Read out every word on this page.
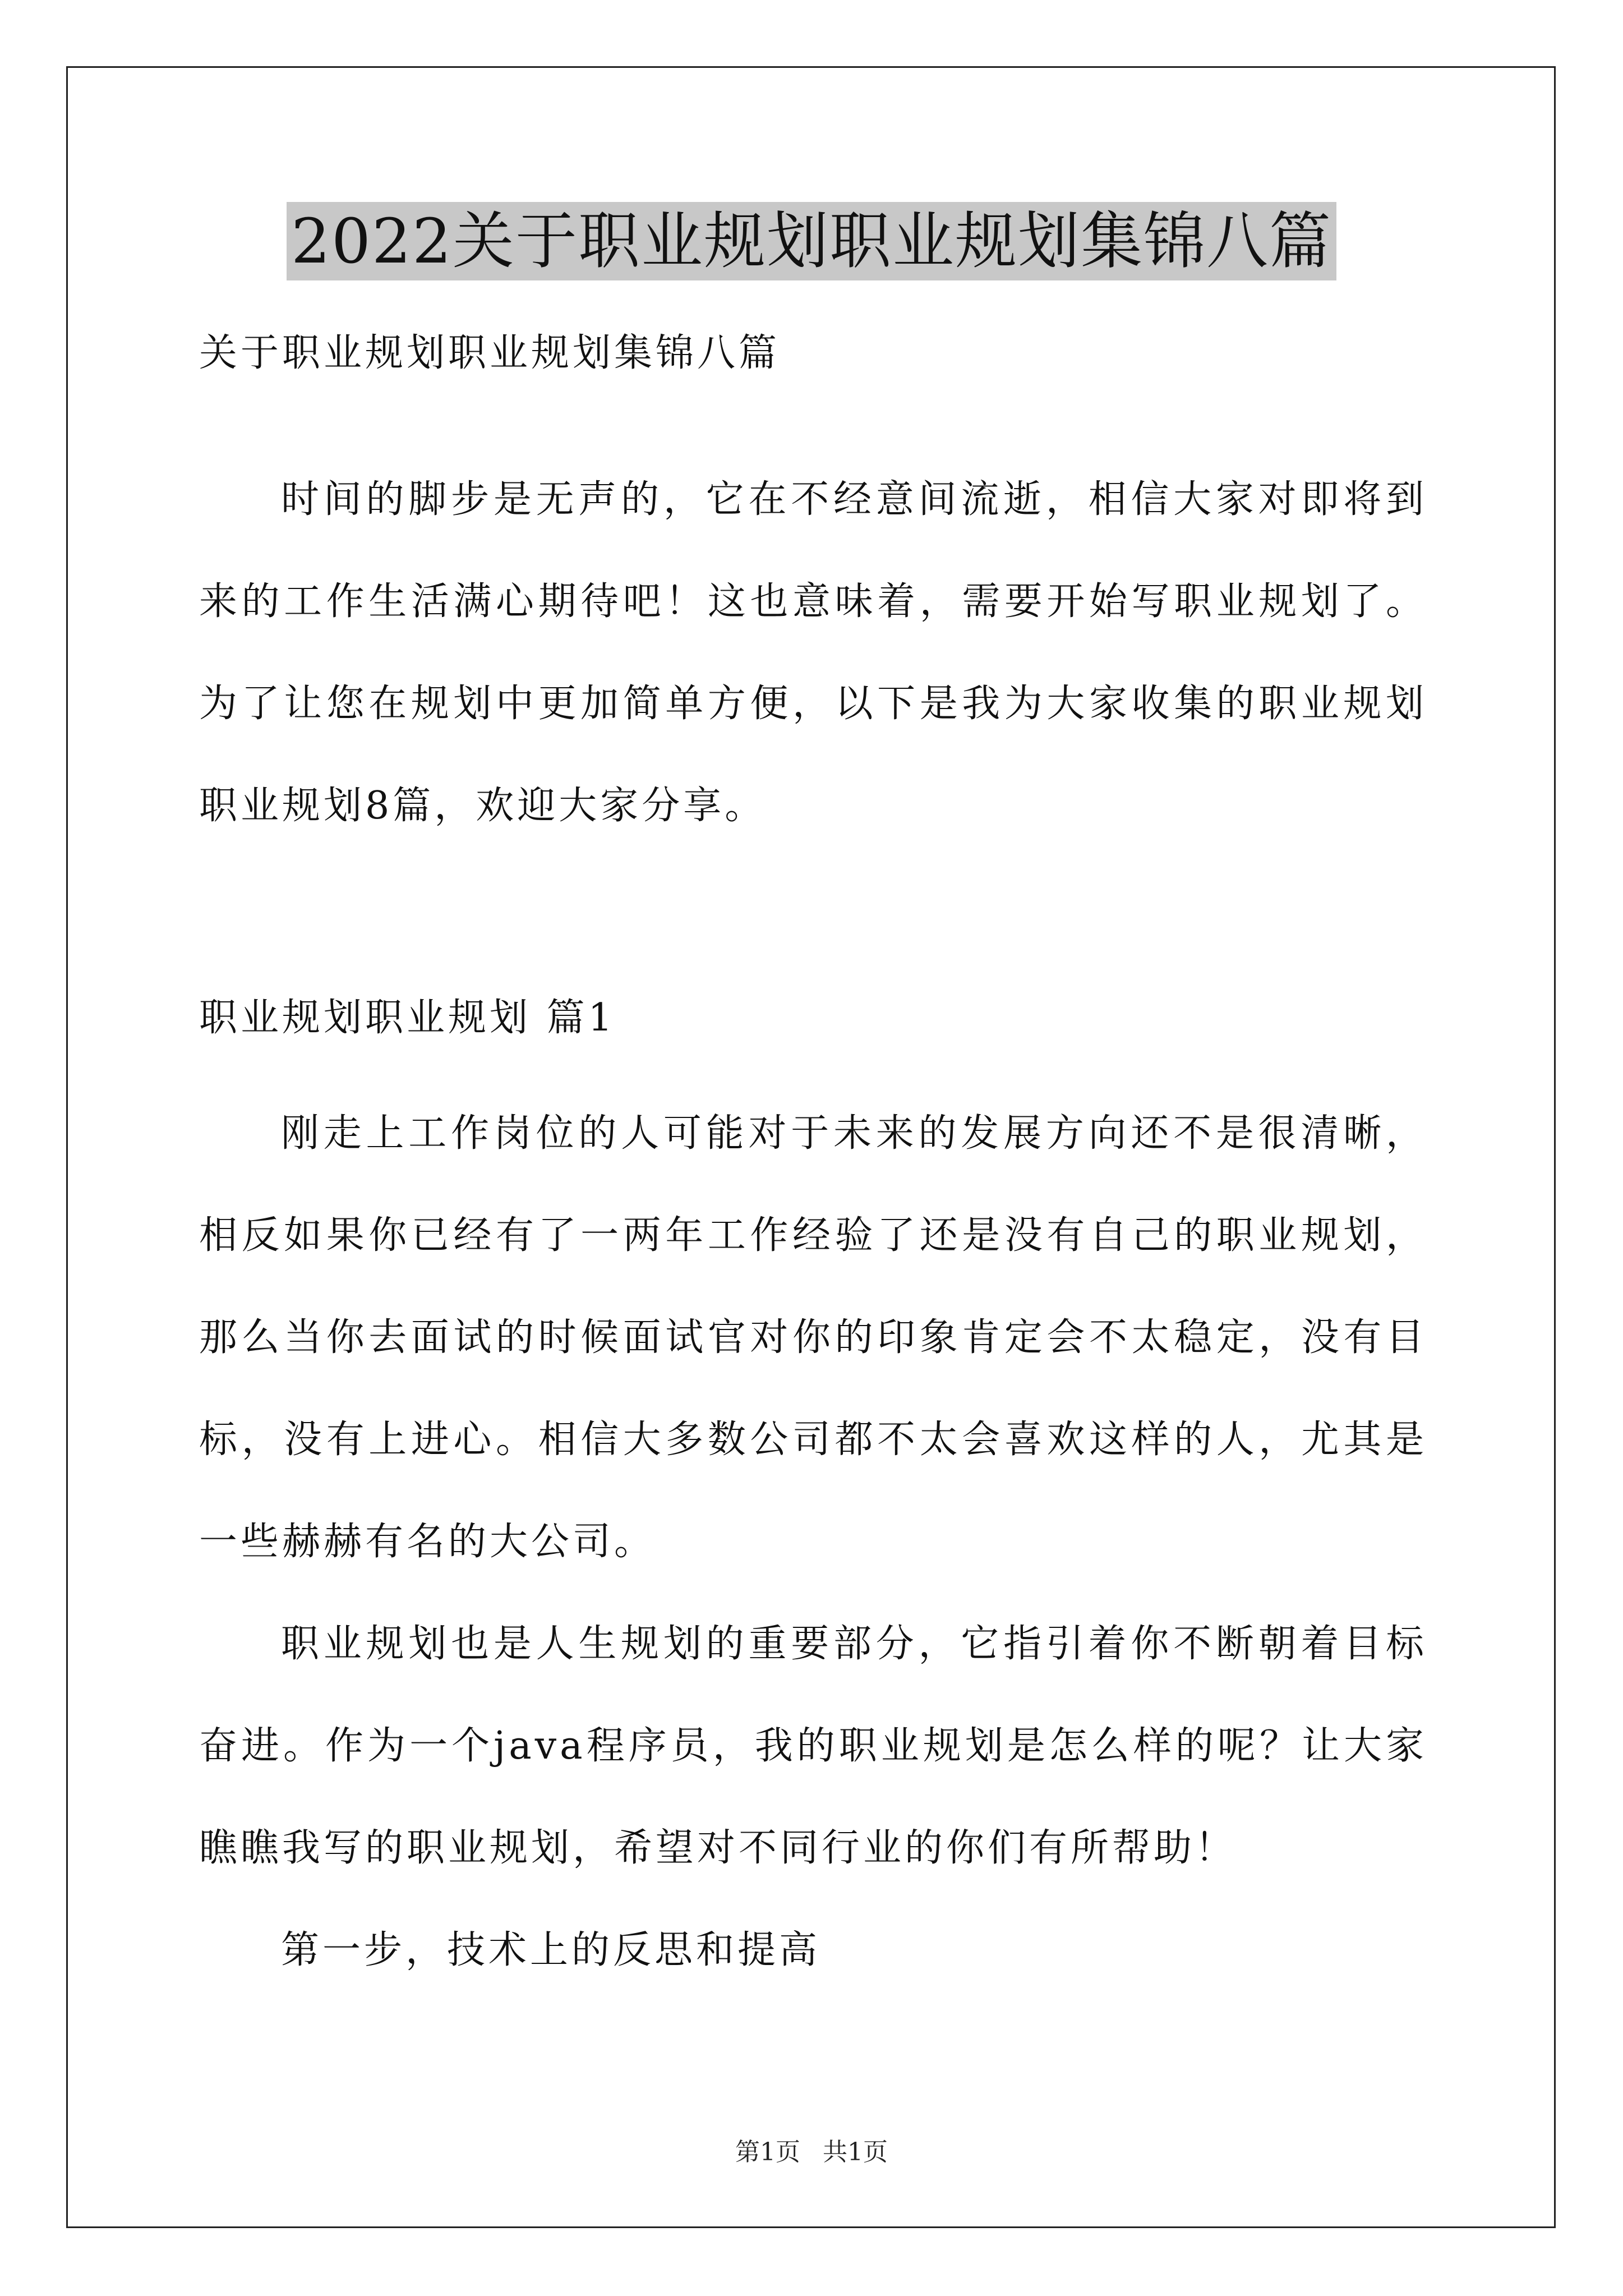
2022关于职业规划职业规划集锦八篇
关于职业规划职业规划集锦八篇

时间的脚步是无声的，它在不经意间流逝，相信大家对即将到来的工作生活满心期待吧！这也意味着，需要开始写职业规划了。为了让您在规划中更加简单方便，以下是我为大家收集的职业规划职业规划8篇，欢迎大家分享。

职业规划职业规划 篇1

刚走上工作岗位的人可能对于未来的发展方向还不是很清晰，相反如果你已经有了一两年工作经验了还是没有自己的职业规划，那么当你去面试的时候面试官对你的印象肯定会不太稳定，没有目标，没有上进心。相信大多数公司都不太会喜欢这样的人，尤其是一些赫赫有名的大公司。

职业规划也是人生规划的重要部分，它指引着你不断朝着目标奋进。作为一个java程序员，我的职业规划是怎么样的呢？让大家瞧瞧我写的职业规划，希望对不同行业的你们有所帮助！

第一步，技术上的反思和提高

第1页 共1页
